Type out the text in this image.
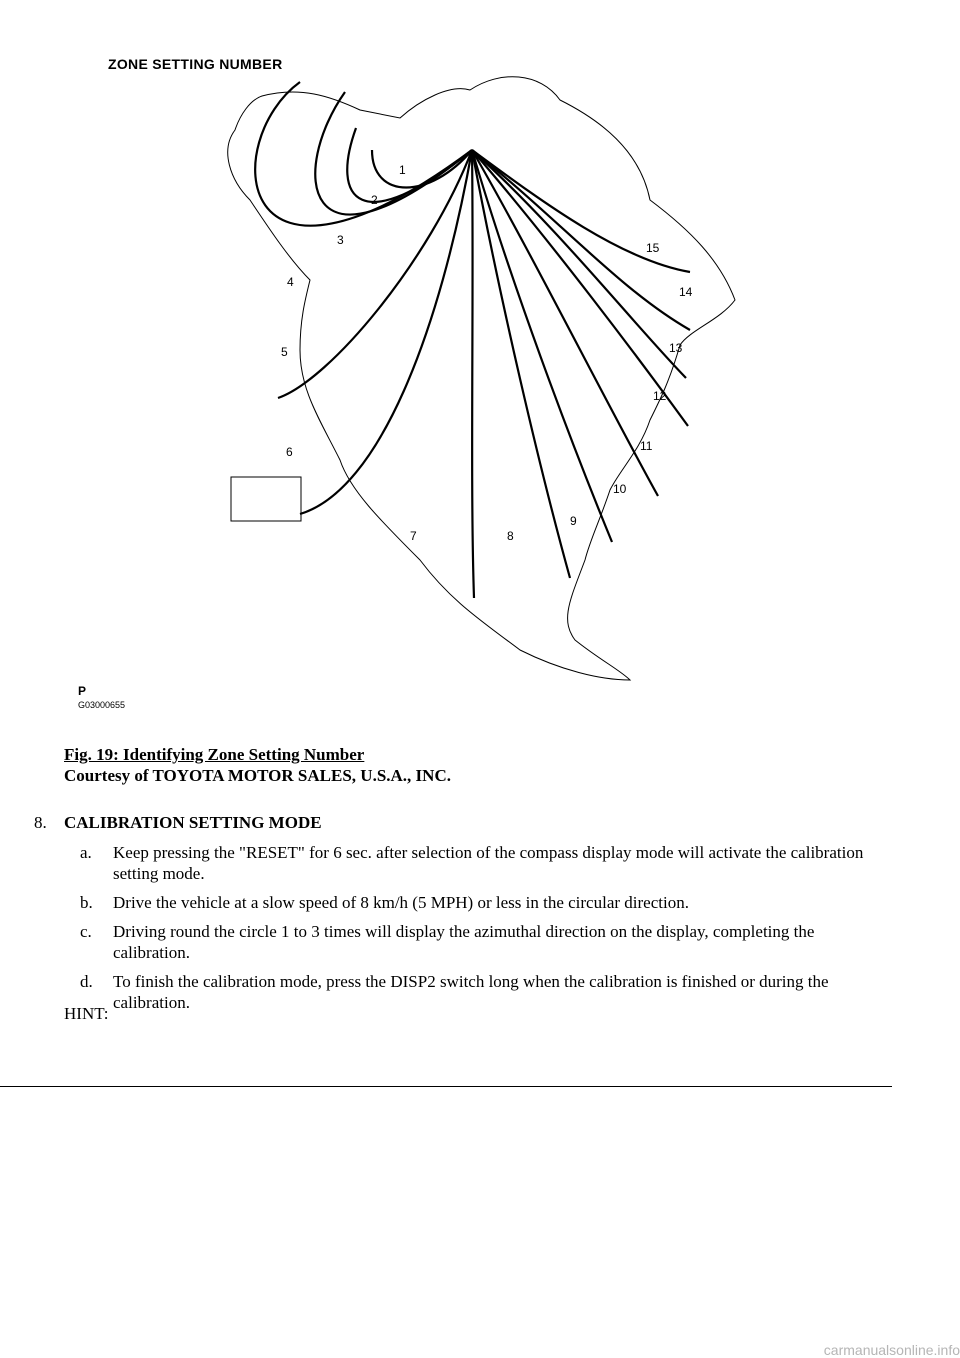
ZONE SETTING NUMBER

1
2
3
4
5
6
7	8
9
10
11
12
13
14
15
P
G03000655
Fig. 19: Identifying Zone Setting Number
Courtesy of TOYOTA MOTOR SALES, U.S.A., INC.
8. CALIBRATION SETTING MODE
a. Keep pressing the "RESET" for 6 sec. after selection of the compass display mode will activate the calibration setting mode.
b. Drive the vehicle at a slow speed of 8 km/h (5 MPH) or less in the circular direction.
c. Driving round the circle 1 to 3 times will display the azimuthal direction on the display, completing the calibration.
d. To finish the calibration mode, press the DISP2 switch long when the calibration is finished or during the calibration.
HINT:
carmanualsonline.info
